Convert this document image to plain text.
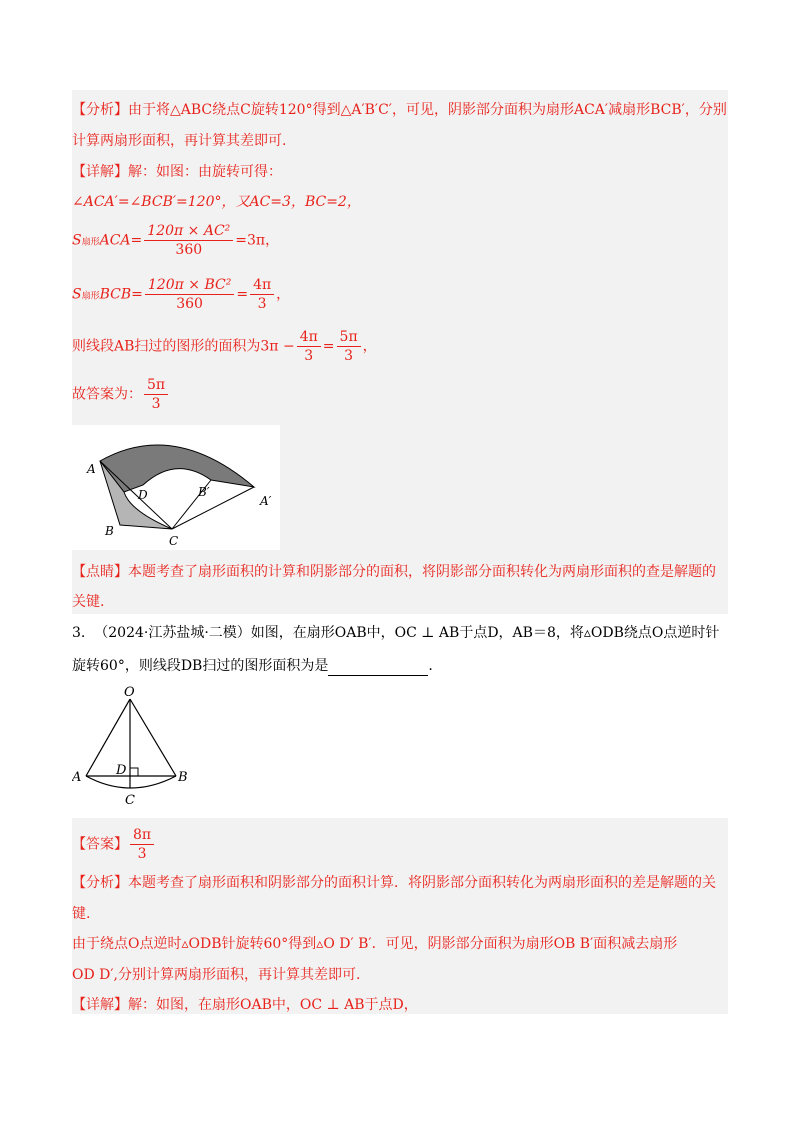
【分析】由于将△ABC绕点C旋转120°得到△A′B′C′，可见，阴影部分面积为扇形ACA′减扇形BCB′，分别
计算两扇形面积，再计算其差即可.
【详解】解：如图：由旋转可得：
∠ACA′=∠BCB′=120°，又AC=3，BC=2，
S扇形$ACA= \frac{\text{120π × AC²}}{360} =3\pi$，
S扇形$BCB= \frac{\text{120π × BC²}}{360} = \frac{4\pi}{3}$ ，
则线段AB扫过的图形的面积为$3\pi - \frac{4\pi}{3} = \frac{5\pi}{3}$ ，
故答案为： $\frac{5\pi}{3}$
A
D	B′
A′
B
C
【点睛】本题考查了扇形面积的计算和阴影部分的面积，将阴影部分面积转化为两扇形面积的查是解题的
关键.
3. （2024·江苏盐城·二模）如图，在扇形OAB中，OC ⊥ AB于点D，AB＝8，将▵ODB绕点O点逆时针
旋转60°，则线段DB扫过的图形面积为是	.
O
D
A	B
C
【答案】 $\frac{8\pi}{3}$
【分析】本题考查了扇形面积和阴影部分的面积计算．将阴影部分面积转化为两扇形面积的差是解题的关
键.
由于绕点O点逆时▵ODB针旋转60°得到▵O D′ B′．可见，阴影部分面积为扇形OB B′面积减去扇形
OD D′,分别计算两扇形面积，再计算其差即可.
【详解】解：如图，在扇形OAB中，OC ⊥ AB于点D，
